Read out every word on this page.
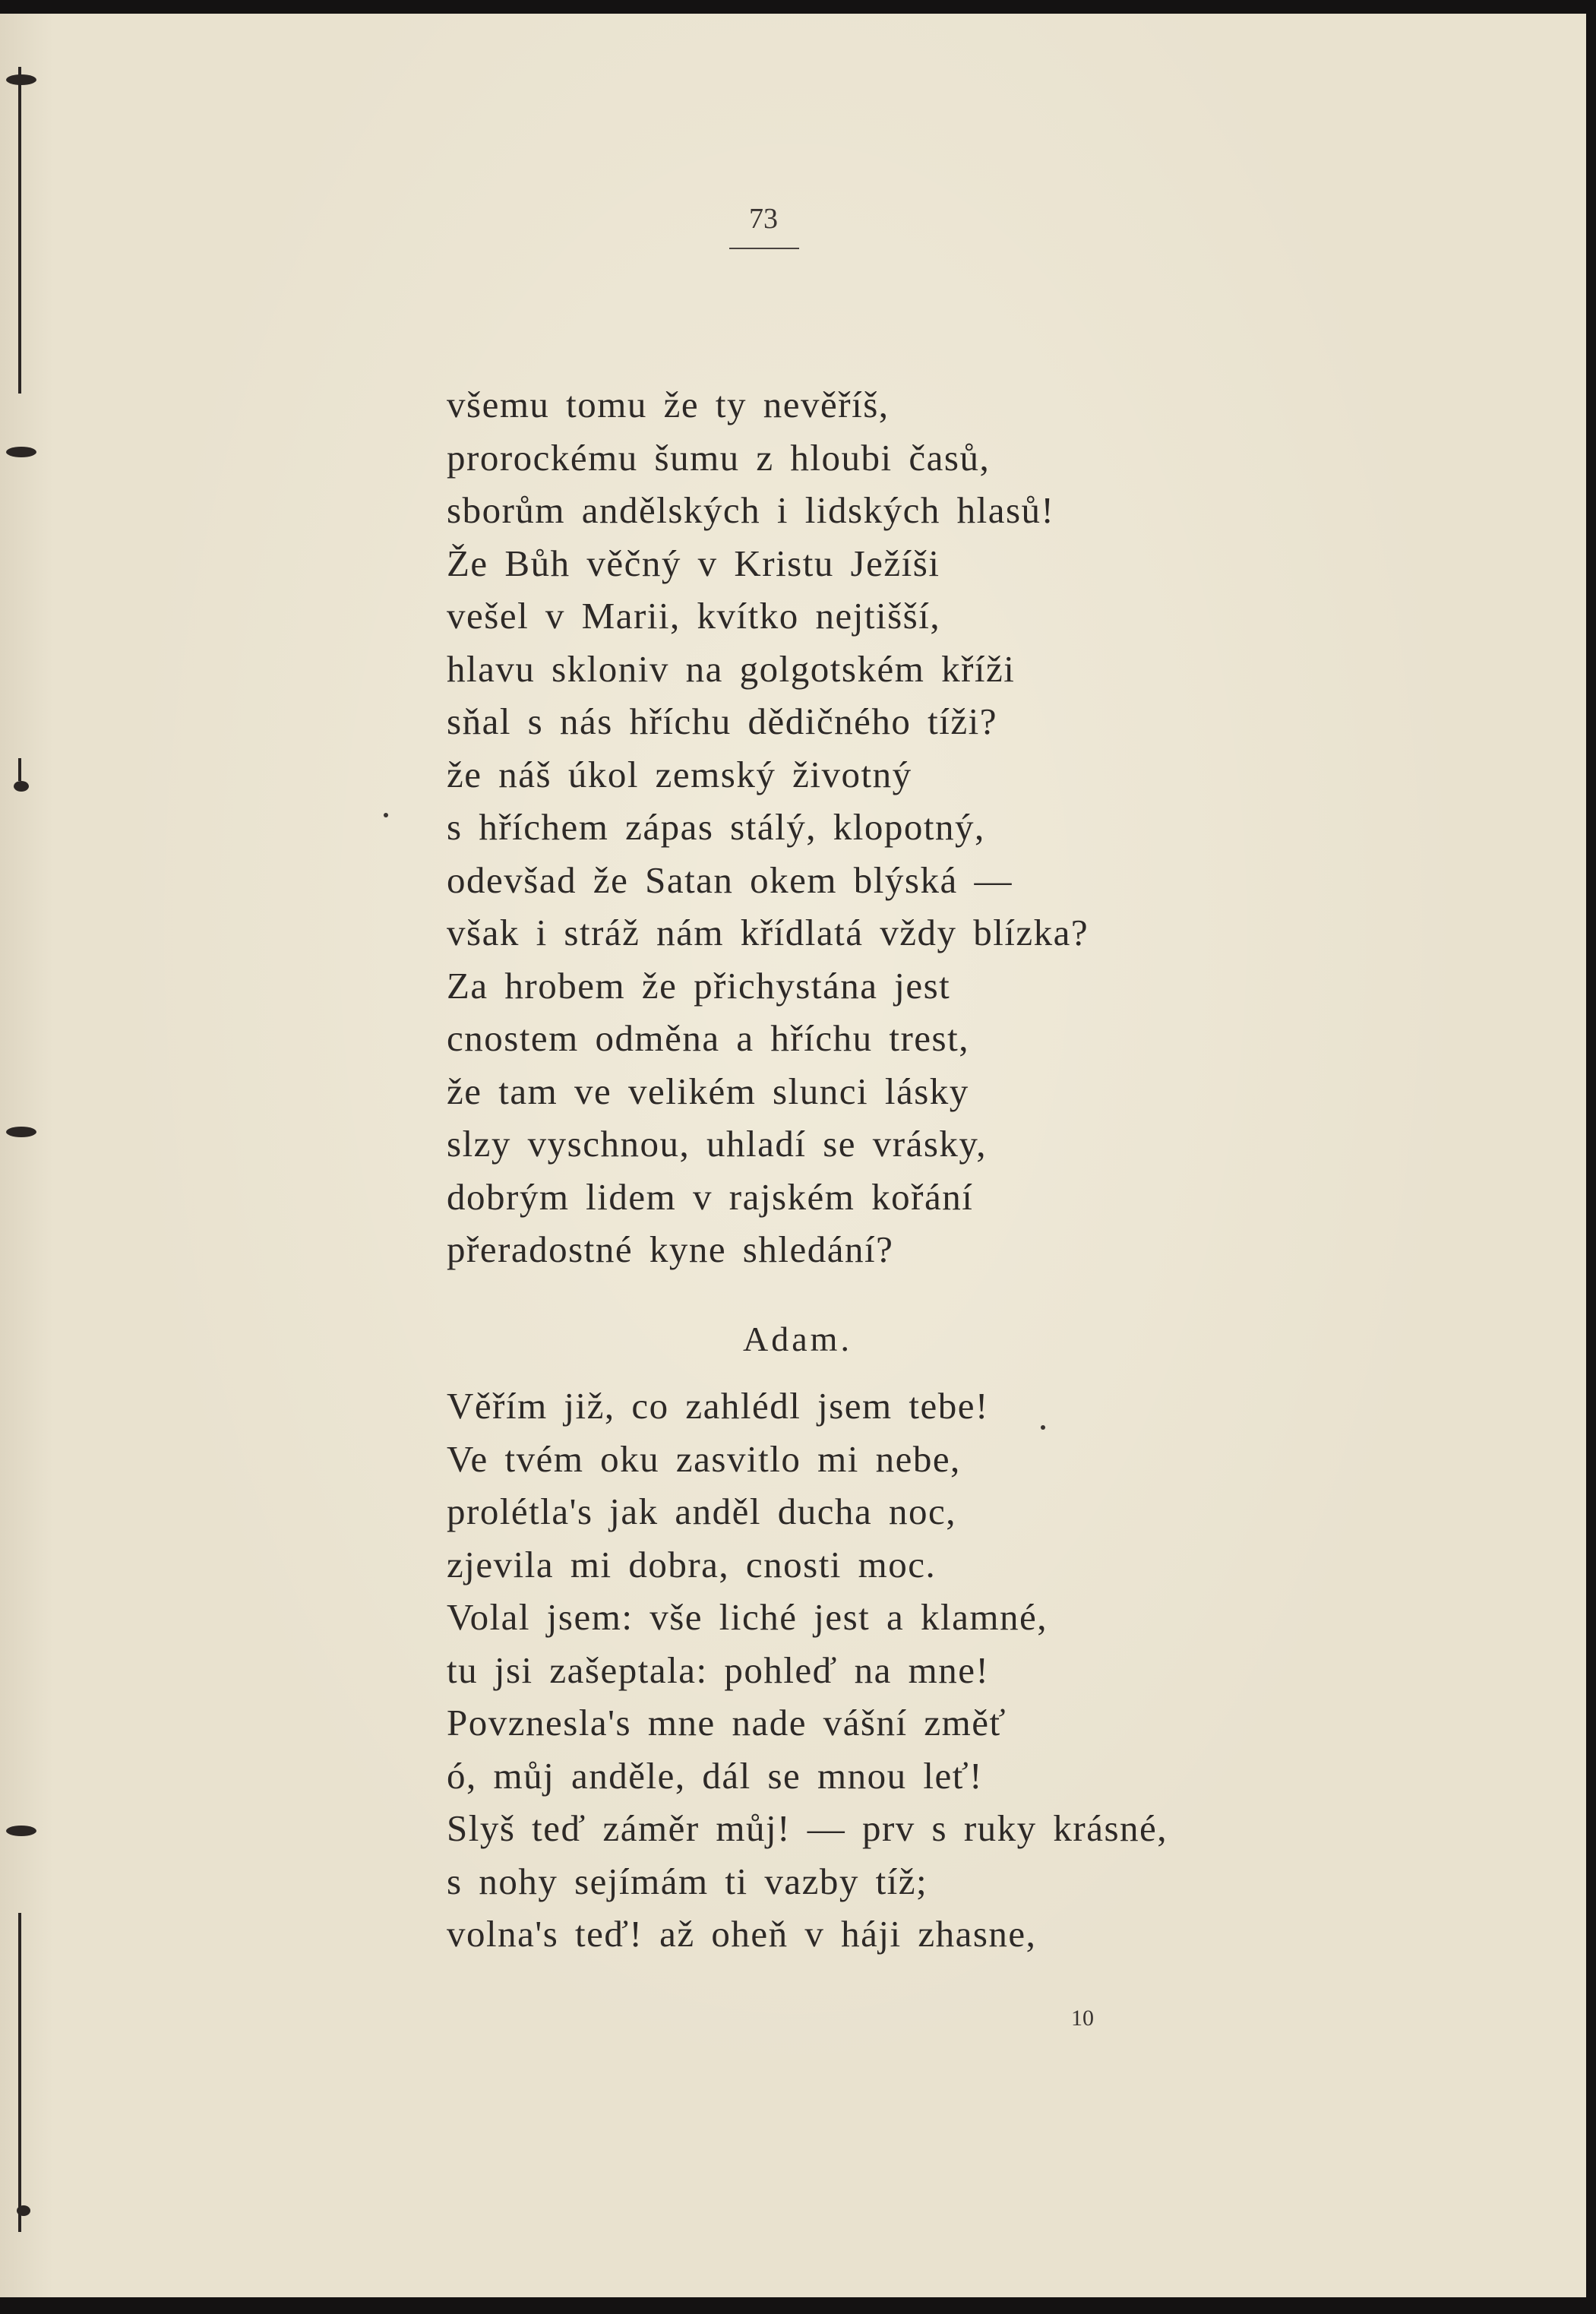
73
všemu tomu že ty nevěříš,
prorockému šumu z hloubi časů,
sborům andělských i lidských hlasů!
Že Bůh věčný v Kristu Ježíši
vešel v Marii, kvítko nejtišší,
hlavu skloniv na golgotském kříži
sňal s nás hříchu dědičného tíži?
že náš úkol zemský životný
s hříchem zápas stálý, klopotný,
odevšad že Satan okem blýská —
však i stráž nám křídlatá vždy blízka?
Za hrobem že přichystána jest
cnostem odměna a hříchu trest,
že tam ve velikém slunci lásky
slzy vyschnou, uhladí se vrásky,
dobrým lidem v rajském kořání
přeradostné kyne shledání?
Adam.
Věřím již, co zahlédl jsem tebe!
Ve tvém oku zasvitlo mi nebe,
prolétla's jak anděl ducha noc,
zjevila mi dobra, cnosti moc.
Volal jsem: vše liché jest a klamné,
tu jsi zašeptala: pohleď na mne!
Povznesla's mne nade vášní změť
ó, můj anděle, dál se mnou leť!
Slyš teď záměr můj! — prv s ruky krásné,
s nohy sejímám ti vazby tíž;
volna's teď! až oheň v háji zhasne,
10
